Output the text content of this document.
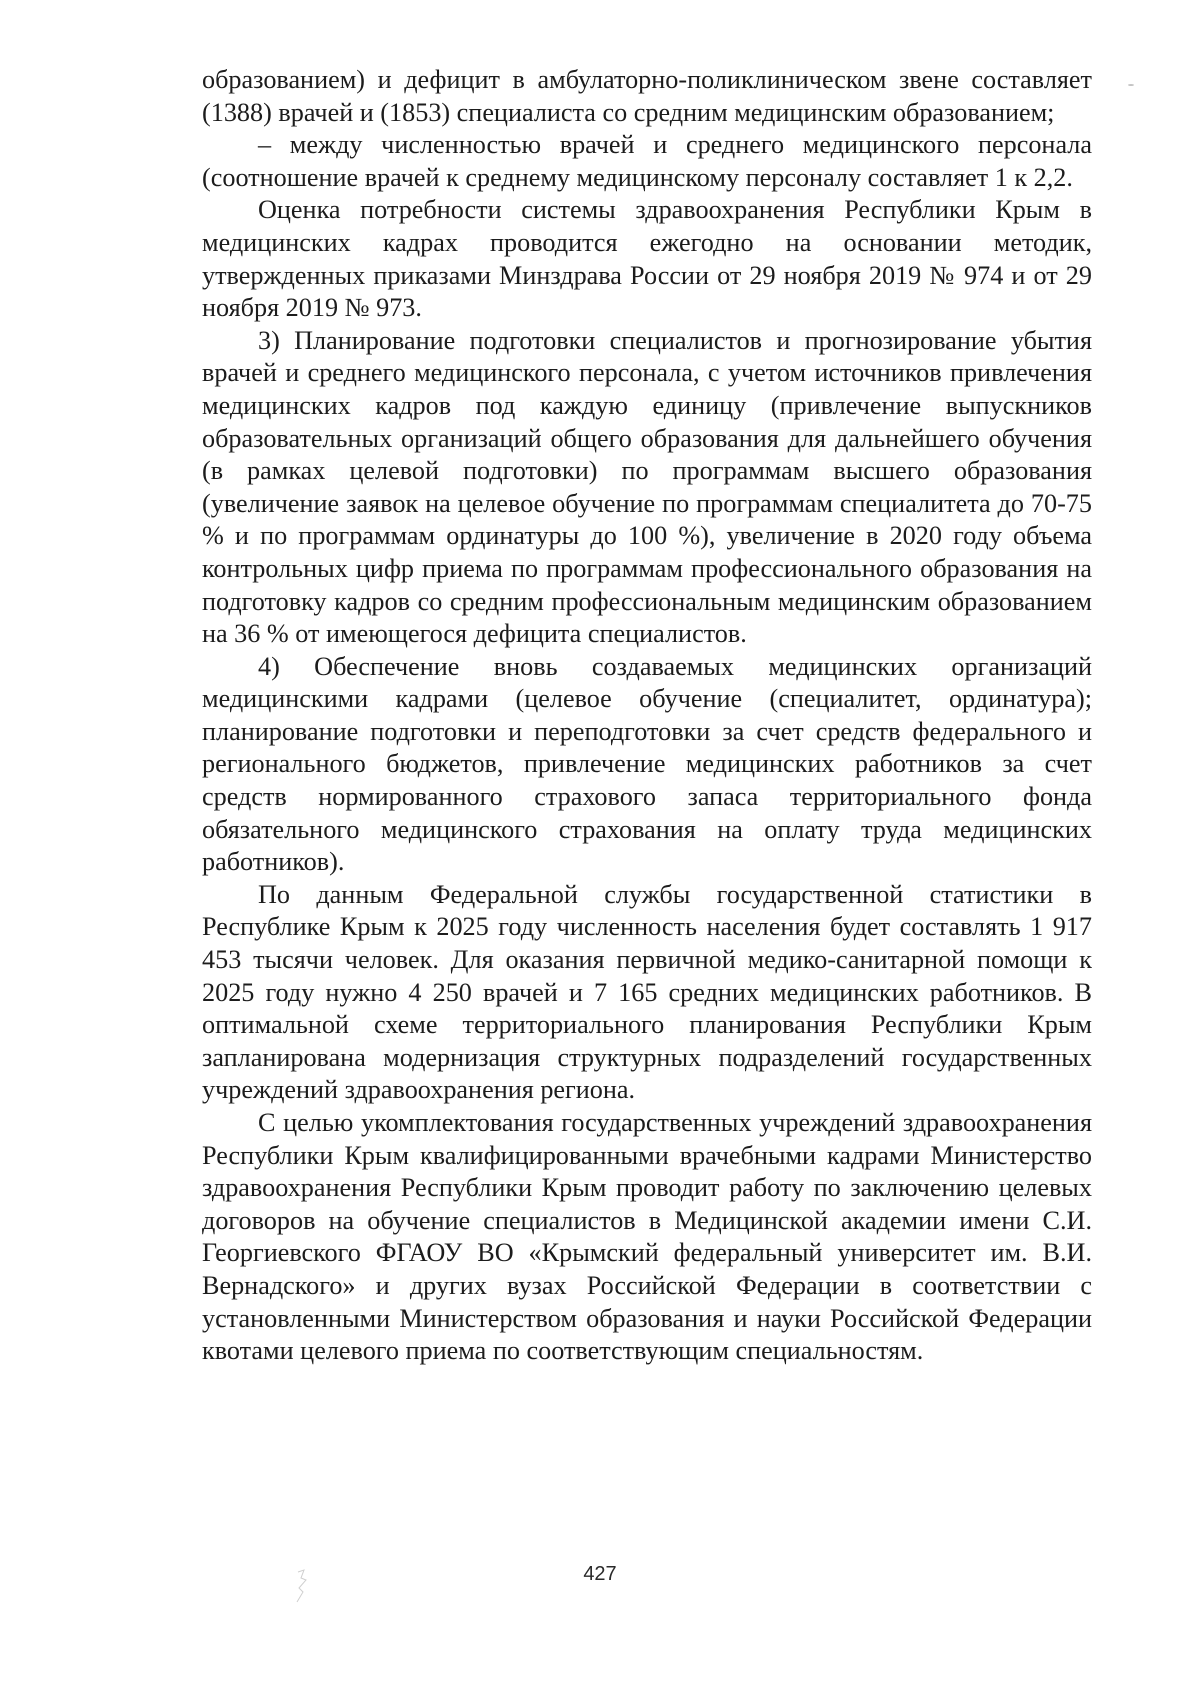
образованием) и дефицит в амбулаторно-поликлиническом звене составляет (1388) врачей и (1853) специалиста со средним медицинским образованием;

– между численностью врачей и среднего медицинского персонала (соотношение врачей к среднему медицинскому персоналу составляет 1 к 2,2.

Оценка потребности системы здравоохранения Республики Крым в медицинских кадрах проводится ежегодно на основании методик, утвержденных приказами Минздрава России от 29 ноября 2019 № 974 и от 29 ноября 2019 № 973.

3) Планирование подготовки специалистов и прогнозирование убытия врачей и среднего медицинского персонала, с учетом источников привлечения медицинских кадров под каждую единицу (привлечение выпускников образовательных организаций общего образования для дальнейшего обучения (в рамках целевой подготовки) по программам высшего образования (увеличение заявок на целевое обучение по программам специалитета до 70-75 % и по программам ординатуры до 100 %), увеличение в 2020 году объема контрольных цифр приема по программам профессионального образования на подготовку кадров со средним профессиональным медицинским образованием на 36 % от имеющегося дефицита специалистов.

4) Обеспечение вновь создаваемых медицинских организаций медицинскими кадрами (целевое обучение (специалитет, ординатура); планирование подготовки и переподготовки за счет средств федерального и регионального бюджетов, привлечение медицинских работников за счет средств нормированного страхового запаса территориального фонда обязательного медицинского страхования на оплату труда медицинских работников).

По данным Федеральной службы государственной статистики в Республике Крым к 2025 году численность населения будет составлять 1 917 453 тысячи человек. Для оказания первичной медико-санитарной помощи к 2025 году нужно 4 250 врачей и 7 165 средних медицинских работников. В оптимальной схеме территориального планирования Республики Крым запланирована модернизация структурных подразделений государственных учреждений здравоохранения региона.

С целью укомплектования государственных учреждений здравоохранения Республики Крым квалифицированными врачебными кадрами Министерство здравоохранения Республики Крым проводит работу по заключению целевых договоров на обучение специалистов в Медицинской академии имени С.И. Георгиевского ФГАОУ ВО «Крымский федеральный университет им. В.И. Вернадского» и других вузах Российской Федерации в соответствии с установленными Министерством образования и науки Российской Федерации квотами целевого приема по соответствующим специальностям.

427
